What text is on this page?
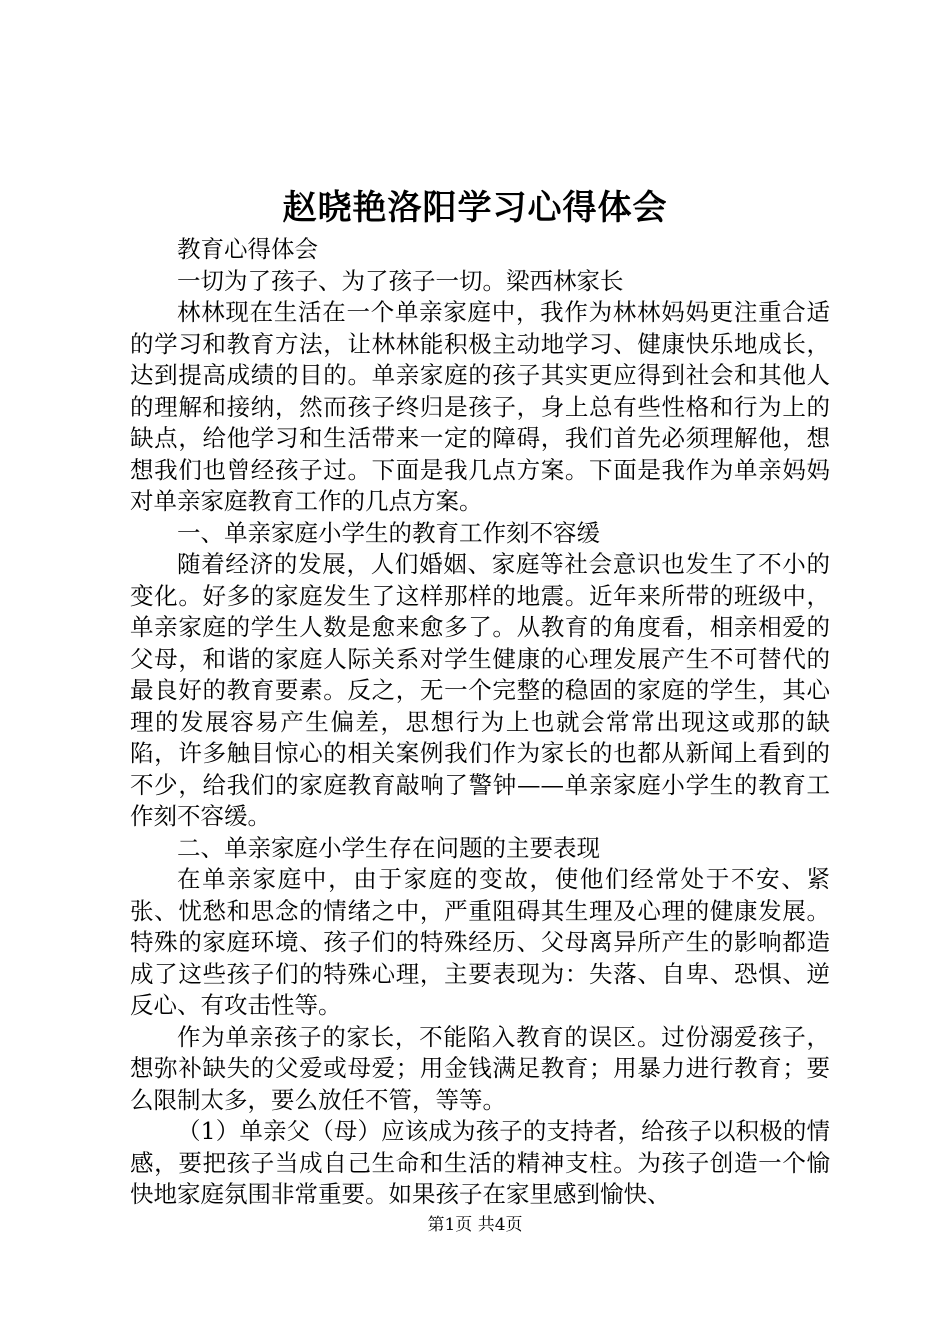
赵晓艳洛阳学习心得体会

教育心得体会

一切为了孩子、为了孩子一切。梁西林家长

林林现在生活在一个单亲家庭中，我作为林林妈妈更注重合适的学习和教育方法，让林林能积极主动地学习、健康快乐地成长，达到提高成绩的目的。单亲家庭的孩子其实更应得到社会和其他人的理解和接纳，然而孩子终归是孩子，身上总有些性格和行为上的缺点，给他学习和生活带来一定的障碍，我们首先必须理解他，想想我们也曾经孩子过。下面是我几点方案。下面是我作为单亲妈妈对单亲家庭教育工作的几点方案。

一、单亲家庭小学生的教育工作刻不容缓

随着经济的发展，人们婚姻、家庭等社会意识也发生了不小的变化。好多的家庭发生了这样那样的地震。近年来所带的班级中，单亲家庭的学生人数是愈来愈多了。从教育的角度看，相亲相爱的父母，和谐的家庭人际关系对学生健康的心理发展产生不可替代的最良好的教育要素。反之，无一个完整的稳固的家庭的学生，其心理的发展容易产生偏差，思想行为上也就会常常出现这或那的缺陷，许多触目惊心的相关案例我们作为家长的也都从新闻上看到的不少，给我们的家庭教育敲响了警钟——单亲家庭小学生的教育工作刻不容缓。

二、单亲家庭小学生存在问题的主要表现

在单亲家庭中，由于家庭的变故，使他们经常处于不安、紧张、忧愁和思念的情绪之中，严重阻碍其生理及心理的健康发展。特殊的家庭环境、孩子们的特殊经历、父母离异所产生的影响都造成了这些孩子们的特殊心理，主要表现为：失落、自卑、恐惧、逆反心、有攻击性等。

作为单亲孩子的家长，不能陷入教育的误区。过份溺爱孩子，想弥补缺失的父爱或母爱；用金钱满足教育；用暴力进行教育；要么限制太多，要么放任不管，等等。

（1）单亲父（母）应该成为孩子的支持者，给孩子以积极的情感，要把孩子当成自己生命和生活的精神支柱。为孩子创造一个愉快地家庭氛围非常重要。如果孩子在家里感到愉快、

第1页 共4页
